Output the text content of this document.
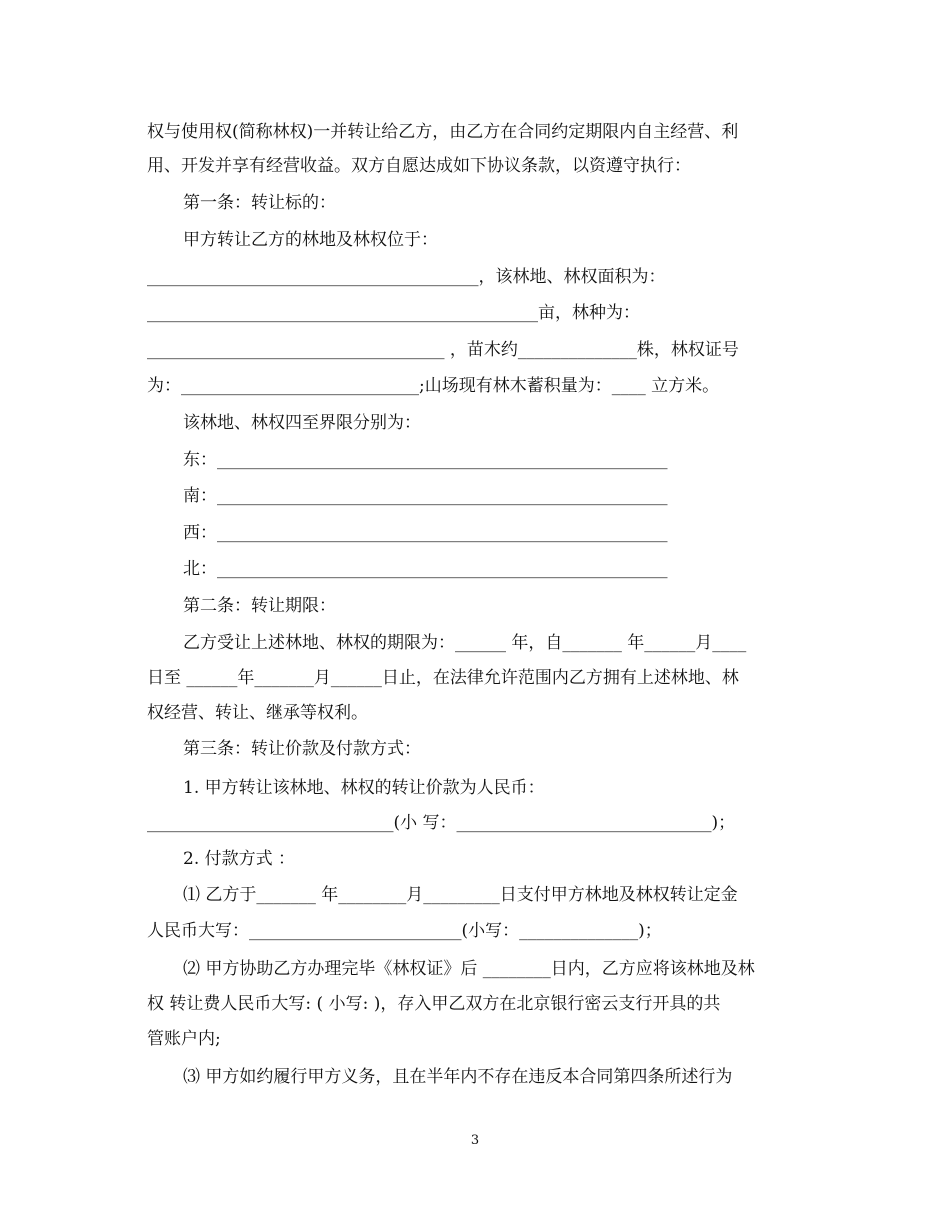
权与使用权(简称林权)一并转让给乙方，由乙方在合同约定期限内自主经营、利
用、开发并享有经营收益。双方自愿达成如下协议条款，以资遵守执行：
第一条：转让标的：
甲方转让乙方的林地及林权位于：
_______________________________________，该林地、林权面积为：
______________________________________________亩，林种为：
___________________________________ ，苗木约______________株，林权证号
为：____________________________;山场现有林木蓄积量为：____ 立方米。
该林地、林权四至界限分别为：
东：_____________________________________________________
南：_____________________________________________________
西：_____________________________________________________
北：_____________________________________________________
第二条：转让期限：
乙方受让上述林地、林权的期限为：______ 年，自_______ 年______月____
日至 ______年_______月______日止，在法律允许范围内乙方拥有上述林地、林
权经营、转让、继承等权利。
第三条：转让价款及付款方式：
1. 甲方转让该林地、林权的转让价款为人民币：
_____________________________(小 写：______________________________)；
2. 付款方式 ：
⑴ 乙方于_______ 年________月_________日支付甲方林地及林权转让定金
人民币大写：_________________________(小写：______________)；
⑵ 甲方协助乙方办理完毕《林权证》后 ________日内，乙方应将该林地及林
权 转让费人民币大写: ( 小写: )，存入甲乙双方在北京银行密云支行开具的共
管账户内;
⑶ 甲方如约履行甲方义务，且在半年内不存在违反本合同第四条所述行为
3
